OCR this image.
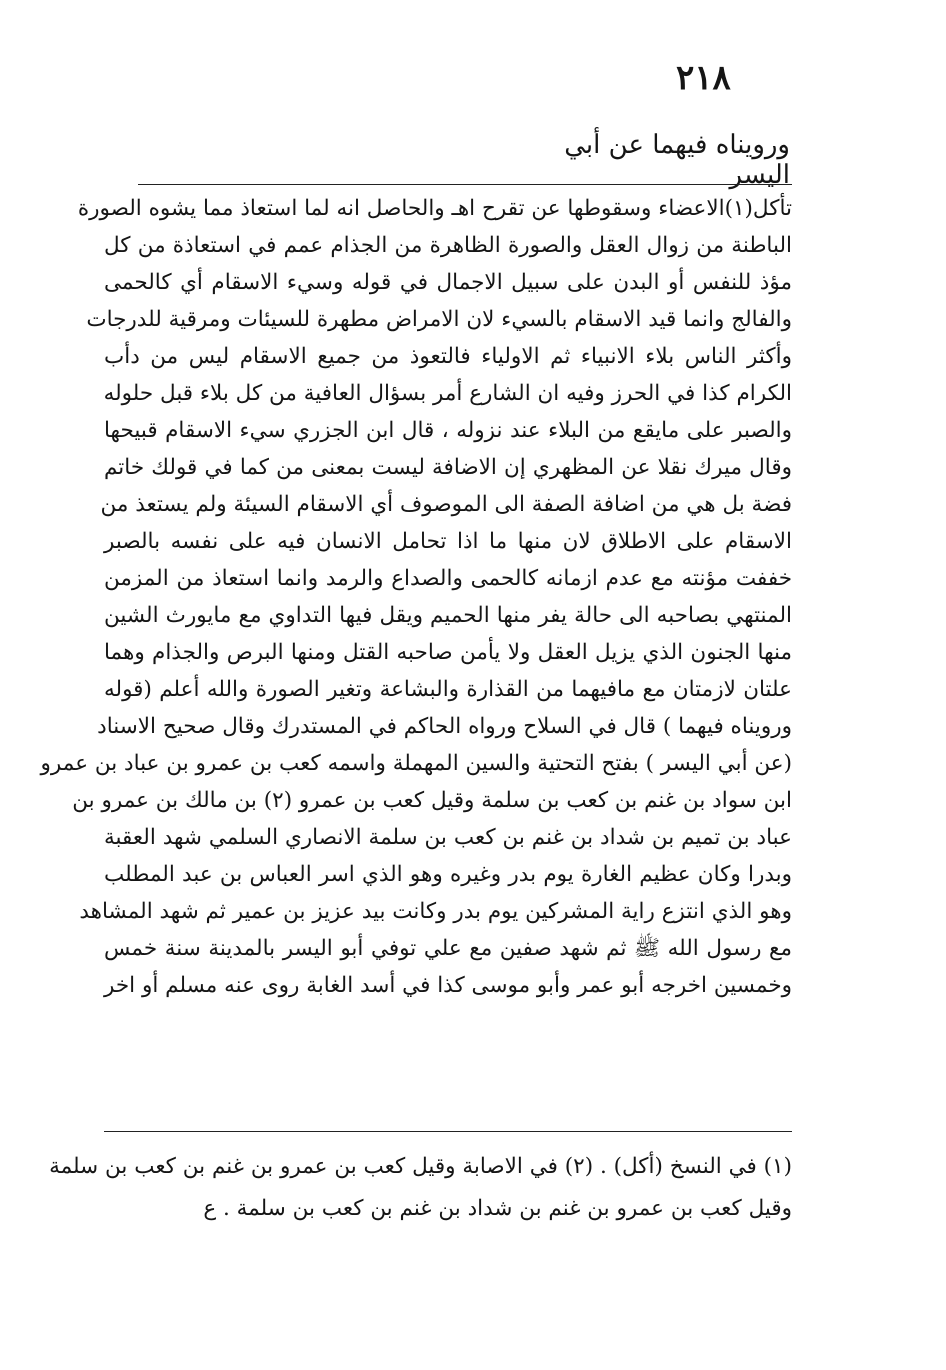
٢١٨
ورويناه فيهما عن أبي اليسر
تأكل(١)الاعضاء وسقوطها عن تقرح اهـ والحاصل انه لما استعاذ مما يشوه الصورة
الباطنة من زوال العقل والصورة الظاهرة من الجذام عمم في استعاذة من كل
مؤذ للنفس أو البدن على سبيل الاجمال في قوله وسيء الاسقام أي كالحمى
والفالج وانما قيد الاسقام بالسيء لان الامراض مطهرة للسيئات ومرقية للدرجات
وأكثر الناس بلاء الانبياء ثم الاولياء فالتعوذ من جميع الاسقام ليس من دأب
الكرام كذا في الحرز وفيه ان الشارع أمر بسؤال العافية من كل بلاء قبل حلوله
والصبر على مايقع من البلاء عند نزوله ، قال ابن الجزري سيء الاسقام قبيحها
وقال ميرك نقلا عن المظهري إن الاضافة ليست بمعنى من كما في قولك خاتم
فضة بل هي من اضافة الصفة الى الموصوف أي الاسقام السيئة ولم يستعذ من
الاسقام على الاطلاق لان منها ما اذا تحامل الانسان فيه على نفسه بالصبر
خففت مؤنته مع عدم ازمانه كالحمى والصداع والرمد وانما استعاذ من المزمن
المنتهي بصاحبه الى حالة يفر منها الحميم ويقل فيها التداوي مع مايورث الشين
منها الجنون الذي يزيل العقل ولا يأمن صاحبه القتل ومنها البرص والجذام وهما
علتان لازمتان مع مافيهما من القذارة والبشاعة وتغير الصورة والله أعلم (قوله
ورويناه فيهما ) قال في السلاح ورواه الحاكم في المستدرك وقال صحيح الاسناد
(عن أبي اليسر ) بفتح التحتية والسين المهملة واسمه كعب بن عمرو بن عباد بن عمرو
ابن سواد بن غنم بن كعب بن سلمة وقيل كعب بن عمرو (٢) بن مالك بن عمرو بن
عباد بن تميم بن شداد بن غنم بن كعب بن سلمة الانصاري السلمي شهد العقبة
وبدرا وكان عظيم الغارة يوم بدر وغيره وهو الذي اسر العباس بن عبد المطلب
وهو الذي انتزع راية المشركين يوم بدر وكانت بيد عزيز بن عمير ثم شهد المشاهد
مع رسول الله ﷺ ثم شهد صفين مع علي توفي أبو اليسر بالمدينة سنة خمس
وخمسين اخرجه أبو عمر وأبو موسى كذا في أسد الغابة روى عنه مسلم أو اخر
(١) في النسخ (أكل) . (٢) في الاصابة وقيل كعب بن عمرو بن غنم بن كعب بن سلمة
وقيل كعب بن عمرو بن غنم بن شداد بن غنم بن كعب بن سلمة . ع
